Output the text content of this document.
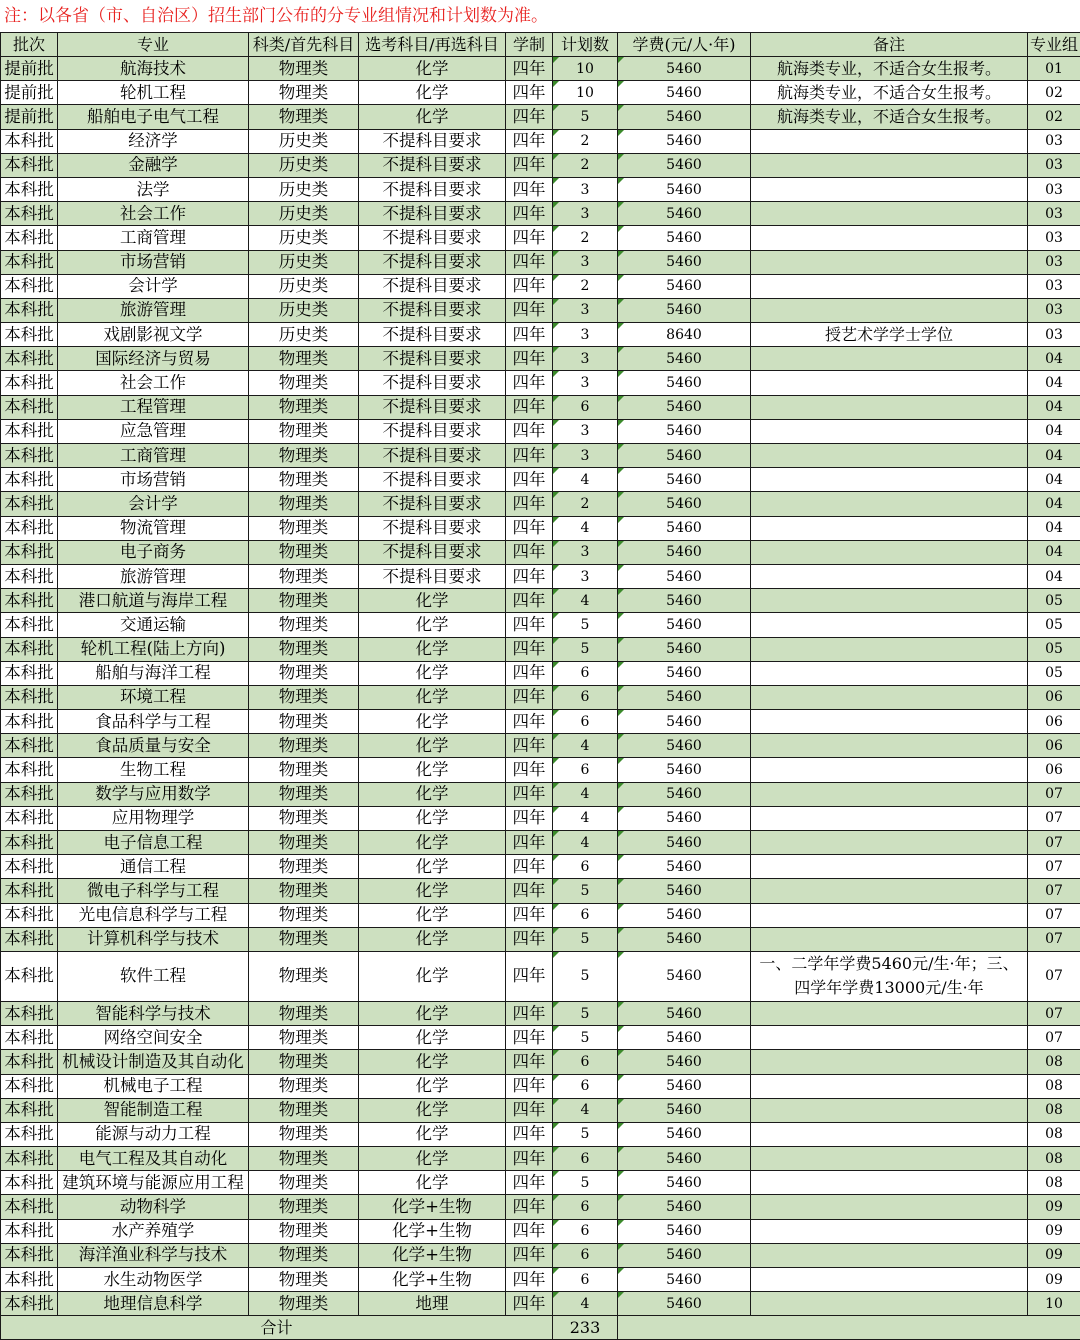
注：以各省（市、自治区）招生部门公布的分专业组情况和计划数为准。
批次	专业	科类/首先科目	选考科目/再选科目	学制	计划数	学费(元/人·年)	备注	专业组
提前批	航海技术	物理类	化学	四年	10	5460	航海类专业，不适合女生报考。	01
提前批	轮机工程	物理类	化学	四年	10	5460	航海类专业，不适合女生报考。	02
提前批	船舶电子电气工程	物理类	化学	四年	5	5460	航海类专业，不适合女生报考。	02
本科批	经济学	历史类	不提科目要求	四年	2	5460		03
本科批	金融学	历史类	不提科目要求	四年	2	5460		03
本科批	法学	历史类	不提科目要求	四年	3	5460		03
本科批	社会工作	历史类	不提科目要求	四年	3	5460		03
本科批	工商管理	历史类	不提科目要求	四年	2	5460		03
本科批	市场营销	历史类	不提科目要求	四年	3	5460		03
本科批	会计学	历史类	不提科目要求	四年	2	5460		03
本科批	旅游管理	历史类	不提科目要求	四年	3	5460		03
本科批	戏剧影视文学	历史类	不提科目要求	四年	3	8640	授艺术学学士学位	03
本科批	国际经济与贸易	物理类	不提科目要求	四年	3	5460		04
本科批	社会工作	物理类	不提科目要求	四年	3	5460		04
本科批	工程管理	物理类	不提科目要求	四年	6	5460		04
本科批	应急管理	物理类	不提科目要求	四年	3	5460		04
本科批	工商管理	物理类	不提科目要求	四年	3	5460		04
本科批	市场营销	物理类	不提科目要求	四年	4	5460		04
本科批	会计学	物理类	不提科目要求	四年	2	5460		04
本科批	物流管理	物理类	不提科目要求	四年	4	5460		04
本科批	电子商务	物理类	不提科目要求	四年	3	5460		04
本科批	旅游管理	物理类	不提科目要求	四年	3	5460		04
本科批	港口航道与海岸工程	物理类	化学	四年	4	5460		05
本科批	交通运输	物理类	化学	四年	5	5460		05
本科批	轮机工程(陆上方向)	物理类	化学	四年	5	5460		05
本科批	船舶与海洋工程	物理类	化学	四年	6	5460		05
本科批	环境工程	物理类	化学	四年	6	5460		06
本科批	食品科学与工程	物理类	化学	四年	6	5460		06
本科批	食品质量与安全	物理类	化学	四年	4	5460		06
本科批	生物工程	物理类	化学	四年	6	5460		06
本科批	数学与应用数学	物理类	化学	四年	4	5460		07
本科批	应用物理学	物理类	化学	四年	4	5460		07
本科批	电子信息工程	物理类	化学	四年	4	5460		07
本科批	通信工程	物理类	化学	四年	6	5460		07
本科批	微电子科学与工程	物理类	化学	四年	5	5460		07
本科批	光电信息科学与工程	物理类	化学	四年	6	5460		07
本科批	计算机科学与技术	物理类	化学	四年	5	5460		07
本科批	软件工程	物理类	化学	四年	5	5460	一、二学年学费5460元/生·年；三、四学年学费13000元/生·年	07
本科批	智能科学与技术	物理类	化学	四年	5	5460		07
本科批	网络空间安全	物理类	化学	四年	5	5460		07
本科批	机械设计制造及其自动化	物理类	化学	四年	6	5460		08
本科批	机械电子工程	物理类	化学	四年	6	5460		08
本科批	智能制造工程	物理类	化学	四年	4	5460		08
本科批	能源与动力工程	物理类	化学	四年	5	5460		08
本科批	电气工程及其自动化	物理类	化学	四年	6	5460		08
本科批	建筑环境与能源应用工程	物理类	化学	四年	5	5460		08
本科批	动物科学	物理类	化学+生物	四年	6	5460		09
本科批	水产养殖学	物理类	化学+生物	四年	6	5460		09
本科批	海洋渔业科学与技术	物理类	化学+生物	四年	6	5460		09
本科批	水生动物医学	物理类	化学+生物	四年	6	5460		09
本科批	地理信息科学	物理类	地理	四年	4	5460		10
合计					233			
